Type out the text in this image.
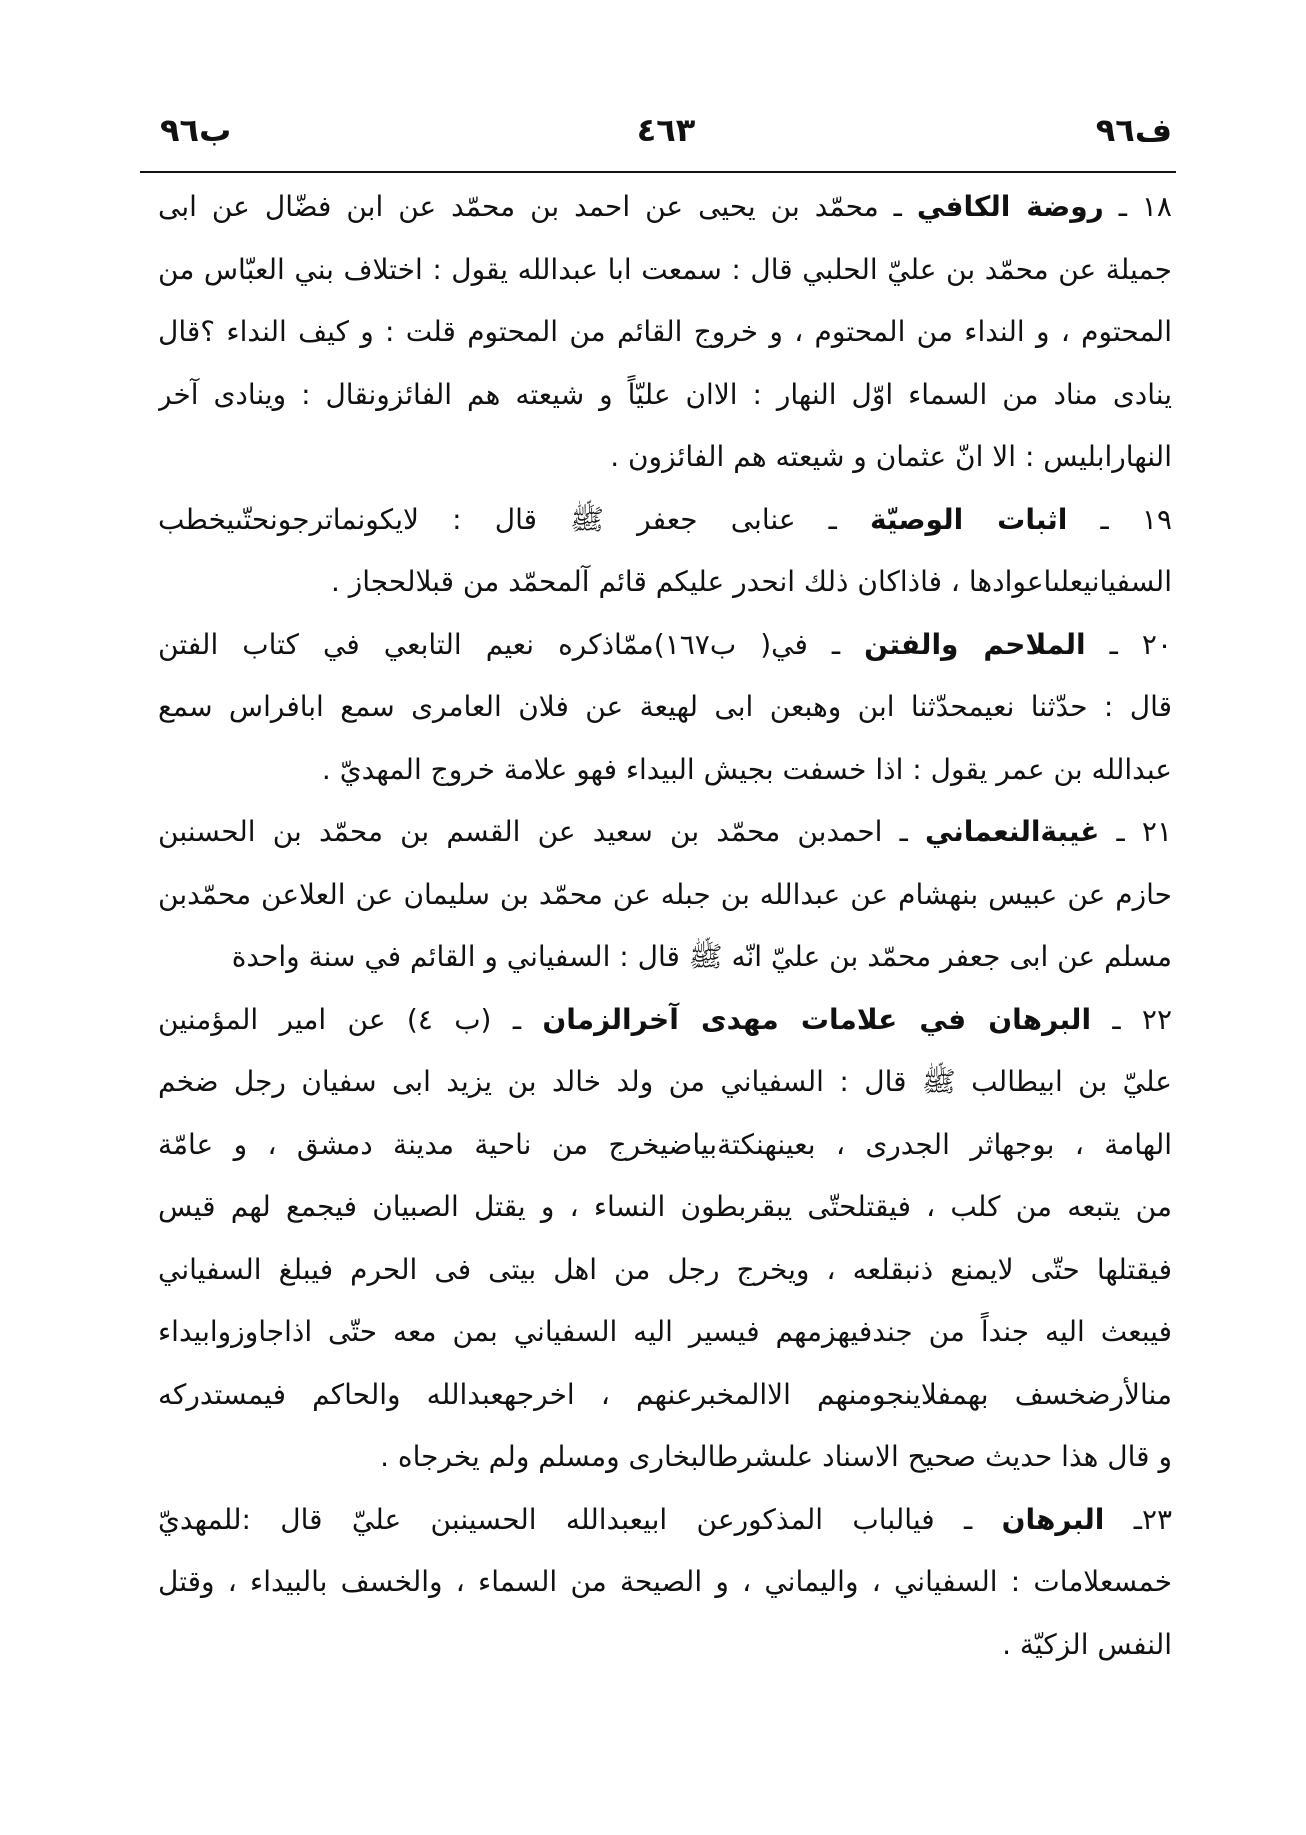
ف٩٦
٤٦٣
ب٩٦
١٨ ـ روضة الكافي ـ محمّد بن يحيى عن احمد بن محمّد عن ابن فضّال عن ابى
جميلة عن محمّد بن عليّ الحلبي قال : سمعت ابا عبدالله يقول : اختلاف بني العبّاس من
المحتوم ، و النداء من المحتوم ، و خروج القائم من المحتوم قلت : و كيف النداء ؟قال
ينادى مناد من السماء اوّل النهار : الاان عليّاً و شيعته هم الفائزونقال : وينادى آخر
النهارابليس : الا انّ عثمان و شيعته هم الفائزون .
١٩ ـ اثبات الوصيّة ـ عنابى جعفر ﷺ قال : لايكونماترجونحتّىيخطب
السفيانيعلىاعوادها ، فاذاكان ذلك انحدر عليكم قائم آلمحمّد من قبلالحجاز .
٢٠ ـ الملاحم والفتن ـ في( ب١٦٧)ممّاذكره نعيم التابعي في كتاب الفتن
قال : حدّثنا نعيمحدّثنا ابن وهبعن ابى لهيعة عن فلان العامرى سمع ابافراس سمع
عبدالله بن عمر يقول : اذا خسفت بجيش البيداء فهو علامة خروج المهديّ .
٢١ ـ غيبةالنعماني ـ احمدبن محمّد بن سعيد عن القسم بن محمّد بن الحسنبن
حازم عن عبيس بنهشام عن عبدالله بن جبله عن محمّد بن سليمان عن العلاعن محمّدبن
مسلم عن ابى جعفر محمّد بن عليّ انّه ﷺ قال : السفياني و القائم في سنة واحدة
٢٢ ـ البرهان في علامات مهدى آخرالزمان ـ (ب ٤) عن امير المؤمنين
عليّ بن ابيطالب ﷺ قال : السفياني من ولد خالد بن يزيد ابى سفيان رجل ضخم
الهامة ، بوجهاثر الجدرى ، بعينهنكتةبياضيخرج من ناحية مدينة دمشق ، و عامّة
من يتبعه من كلب ، فيقتلحتّى يبقربطون النساء ، و يقتل الصبيان فيجمع لهم قيس
فيقتلها حتّى لايمنع ذنبقلعه ، ويخرج رجل من اهل بيتى فى الحرم فيبلغ السفياني
فيبعث اليه جنداً من جندفيهزمهم فيسير اليه السفياني بمن معه حتّى اذاجاوزوابيداء
منالأرضخسف بهمفلاينجومنهم الاالمخبرعنهم ، اخرجهعبدالله والحاكم فيمستدركه
و قال هذا حديث صحيح الاسناد علىشرطالبخارى ومسلم ولم يخرجاه .
٢٣ـ البرهان ـ فيالباب المذكورعن ابيعبدالله الحسينبن عليّ قال :للمهديّ
خمسعلامات : السفياني ، واليماني ، و الصيحة من السماء ، والخسف بالبيداء ، وقتل
النفس الزكيّة .
